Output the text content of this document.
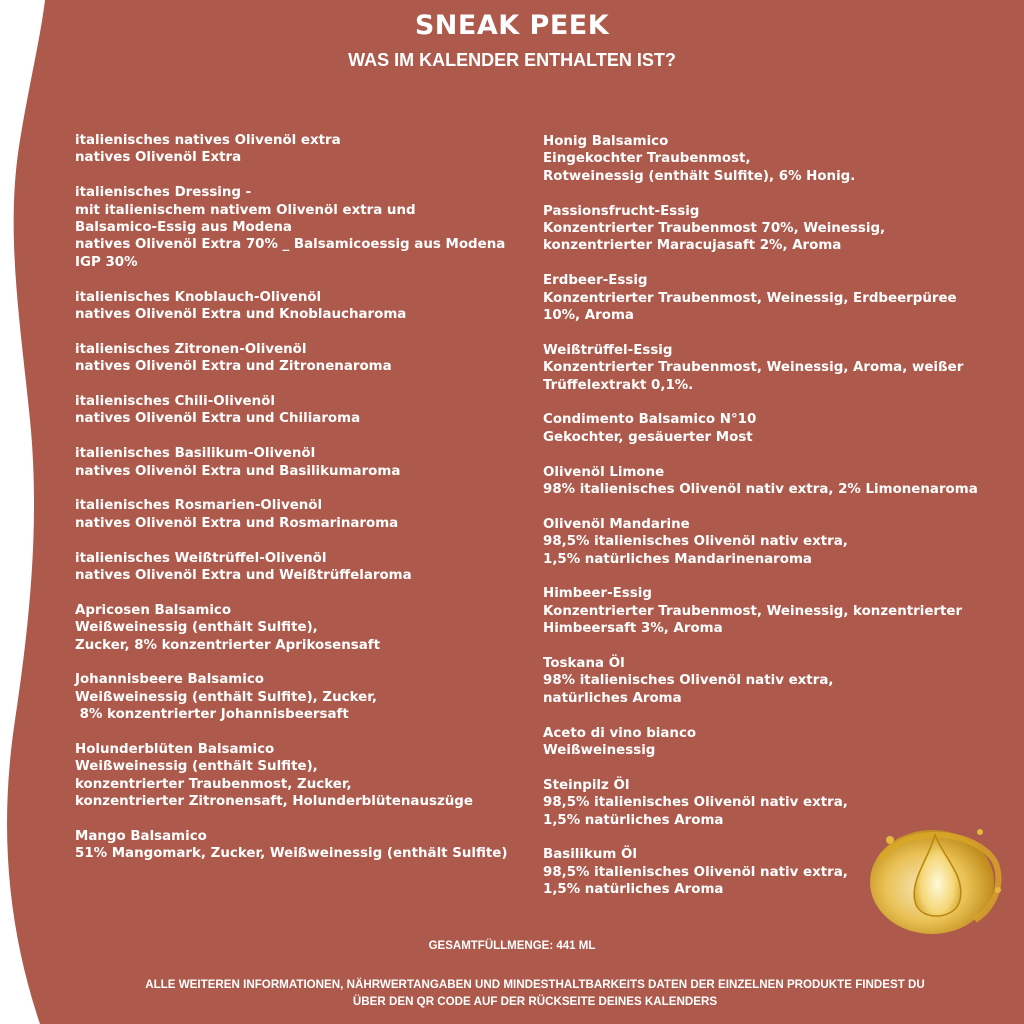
SNEAK PEEK
WAS IM KALENDER ENTHALTEN IST?
italienisches natives Olivenöl extra
natives Olivenöl Extra
italienisches Dressing -
mit italienischem nativem Olivenöl extra und
Balsamico-Essig aus Modena
natives Olivenöl Extra 70% _ Balsamicoessig aus Modena
IGP 30%
italienisches Knoblauch-Olivenöl
natives Olivenöl Extra und Knoblaucharoma
italienisches Zitronen-Olivenöl
natives Olivenöl Extra und Zitronenaroma
italienisches Chili-Olivenöl
natives Olivenöl Extra und Chiliaroma
italienisches Basilikum-Olivenöl
natives Olivenöl Extra und Basilikumaroma
italienisches Rosmarien-Olivenöl
natives Olivenöl Extra und Rosmarinaroma
italienisches Weißtrüffel-Olivenöl
natives Olivenöl Extra und Weißtrüffelaroma
Apricosen Balsamico
Weißweinessig (enthält Sulfite),
Zucker, 8% konzentrierter Aprikosensaft
Johannisbeere Balsamico
Weißweinessig (enthält Sulfite), Zucker,
8% konzentrierter Johannisbeersaft
Holunderblüten Balsamico
Weißweinessig (enthält Sulfite),
konzentrierter Traubenmost, Zucker,
konzentrierter Zitronensaft, Holunderblütenauszüge
Mango Balsamico
51% Mangomark, Zucker, Weißweinessig (enthält Sulfite)
Honig Balsamico
Eingekochter Traubenmost,
Rotweinessig (enthält Sulfite), 6% Honig.
Passionsfrucht-Essig
Konzentrierter Traubenmost 70%, Weinessig,
konzentrierter Maracujasaft 2%, Aroma
Erdbeer-Essig
Konzentrierter Traubenmost, Weinessig, Erdbeerpüree
10%, Aroma
Weißtrüffel-Essig
Konzentrierter Traubenmost, Weinessig, Aroma, weißer
Trüffelextrakt 0,1%.
Condimento Balsamico N°10
Gekochter, gesäuerter Most
Olivenöl Limone
98% italienisches Olivenöl nativ extra, 2% Limonenaroma
Olivenöl Mandarine
98,5% italienisches Olivenöl nativ extra,
1,5% natürliches Mandarinenaroma
Himbeer-Essig
Konzentrierter Traubenmost, Weinessig, konzentrierter
Himbeersaft 3%, Aroma
Toskana Öl
98% italienisches Olivenöl nativ extra,
natürliches Aroma
Aceto di vino bianco
Weißweinessig
Steinpilz Öl
98,5% italienisches Olivenöl nativ extra,
1,5% natürliches Aroma
Basilikum Öl
98,5% italienisches Olivenöl nativ extra,
1,5% natürliches Aroma
GESAMTFÜLLMENGE: 441 ML
ALLE WEITEREN INFORMATIONEN, NÄHRWERTANGABEN UND MINDESTHALTBARKEITS DATEN DER EINZELNEN PRODUKTE FINDEST DU
ÜBER DEN QR CODE AUF DER RÜCKSEITE DEINES KALENDERS
